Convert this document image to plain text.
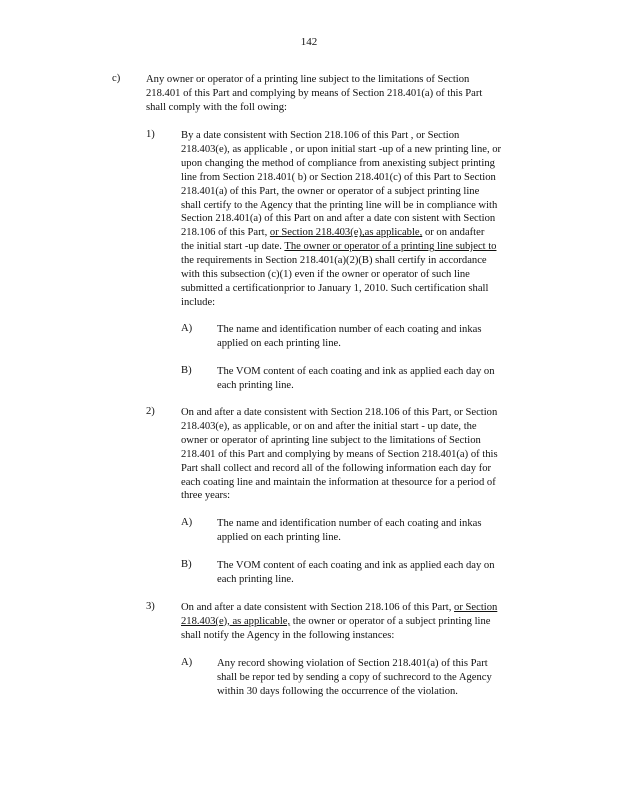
142
c) Any owner or operator of a printing line subject to the limitations of Section
218.401 of this Part and complying by means of Section 218.401(a) of this Part
shall comply with the foll owing:
1) By a date consistent with Section 218.106 of this Part , or Section
218.403(e), as applicable , or upon initial start -up of a new printing line, or
upon changing the method of compliance from anexisting subject printing
line from Section 218.401( b) or Section 218.401(c) of this Part to Section
218.401(a) of this Part, the owner or operator of a subject printing line
shall certify to the Agency that the printing line will be in compliance with
Section 218.401(a) of this Part on and after a date con sistent with Section
218.106 of this Part, or Section 218.403(e),as applicable, or on andafter
the initial start -up date. The owner or operator of a printing line subject to
the requirements in Section 218.401(a)(2)(B) shall certify in accordance
with this subsection (c)(1) even if the owner or operator of such line
submitted a certificationprior to January 1, 2010. Such certification shall
include:
A) The name and identification number of each coating and inkas
applied on each printing line.
B) The VOM content of each coating and ink as applied each day on
each printing line.
2) On and after a date consistent with Section 218.106 of this Part, or Section
218.403(e), as applicable, or on and after the initial start - up date, the
owner or operator of aprinting line subject to the limitations of Section
218.401 of this Part and complying by means of Section 218.401(a) of this
Part shall collect and record all of the following information each day for
each coating line and maintain the information at thesource for a period of
three years:
A) The name and identification number of each coating and inkas
applied on each printing line.
B) The VOM content of each coating and ink as applied each day on
each printing line.
3) On and after a date consistent with Section 218.106 of this Part, or Section
218.403(e), as applicable, the owner or operator of a subject printing line
shall notify the Agency in the following instances:
A) Any record showing violation of Section 218.401(a) of this Part
shall be repor ted by sending a copy of suchrecord to the Agency
within 30 days following the occurrence of the violation.
